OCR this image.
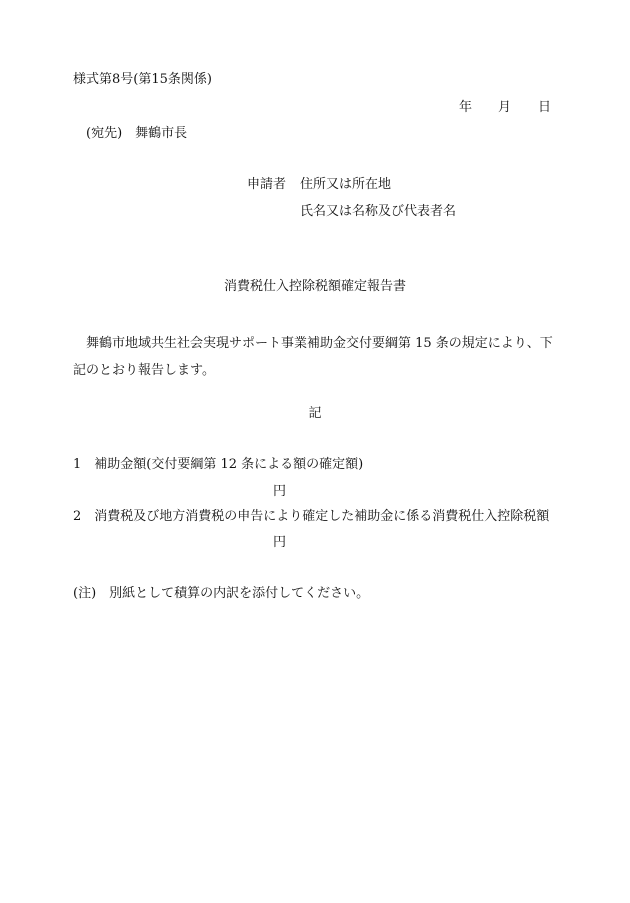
様式第8号(第15条関係)
年 月 日
(宛先)　舞鶴市長
申請者 住所又は所在地
氏名又は名称及び代表者名
消費税仕入控除税額確定報告書
舞鶴市地域共生社会実現サポート事業補助金交付要綱第 15 条の規定により、下記のとおり報告します。
記
1　補助金額(交付要綱第 12 条による額の確定額)
円
2　消費税及び地方消費税の申告により確定した補助金に係る消費税仕入控除税額
円
(注)　別紙として積算の内訳を添付してください。
